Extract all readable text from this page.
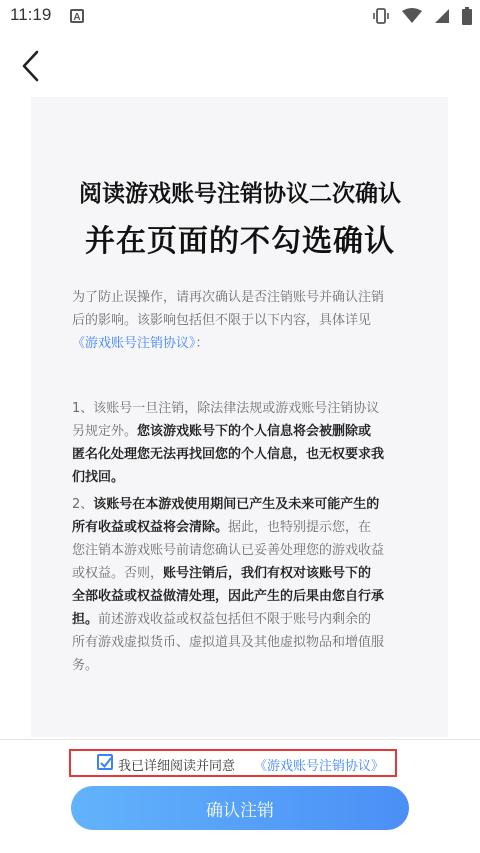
11:19	A
阅读游戏账号注销协议二次确认
并在页面的不勾选确认
为了防止误操作，请再次确认是否注销账号并确认注销
后的影响。该影响包括但不限于以下内容，具体详见
《游戏账号注销协议》：
1、该账号一旦注销，除法律法规或游戏账号注销协议
另规定外。您该游戏账号下的个人信息将会被删除或
匿名化处理您无法再找回您的个人信息，也无权要求我
们找回。
2、该账号在本游戏使用期间已产生及未来可能产生的
所有收益或权益将会清除。据此，也特别提示您，在
您注销本游戏账号前请您确认已妥善处理您的游戏收益
或权益。否则，账号注销后，我们有权对该账号下的
全部收益或权益做清处理，因此产生的后果由您自行承
担。前述游戏收益或权益包括但不限于账号内剩余的
所有游戏虚拟货币、虚拟道具及其他虚拟物品和增值服
务。
我已详细阅读并同意 《游戏账号注销协议》
确认注销
